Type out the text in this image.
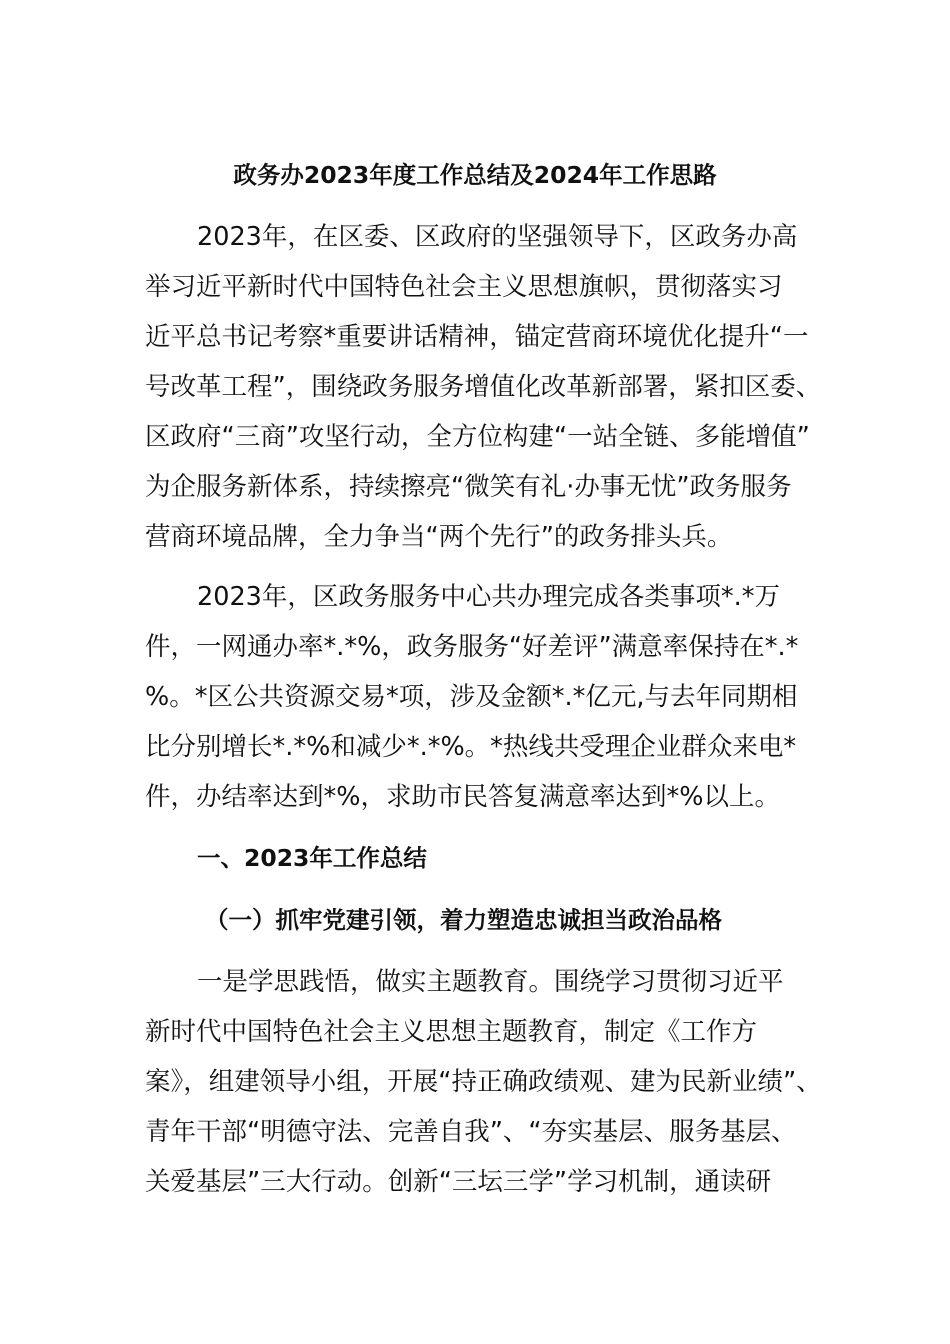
政务办2023年度工作总结及2024年工作思路
2023年，在区委、区政府的坚强领导下，区政务办高
举习近平新时代中国特色社会主义思想旗帜，贯彻落实习
近平总书记考察*重要讲话精神，锚定营商环境优化提升“一
号改革工程”，围绕政务服务增值化改革新部署，紧扣区委、
区政府“三商”攻坚行动，全方位构建“一站全链、多能增值”
为企服务新体系，持续擦亮“微笑有礼·办事无忧”政务服务
营商环境品牌，全力争当“两个先行”的政务排头兵。
2023年，区政务服务中心共办理完成各类事项*.*万
件，一网通办率*.*%，政务服务“好差评”满意率保持在*.*
%。*区公共资源交易*项，涉及金额*.*亿元,与去年同期相
比分别增长*.*%和减少*.*%。*热线共受理企业群众来电*
件，办结率达到*%，求助市民答复满意率达到*%以上。
一、2023年工作总结
（一）抓牢党建引领，着力塑造忠诚担当政治品格
一是学思践悟，做实主题教育。围绕学习贯彻习近平
新时代中国特色社会主义思想主题教育，制定《工作方
案》，组建领导小组，开展“持正确政绩观、建为民新业绩”、
青年干部“明德守法、完善自我”、“夯实基层、服务基层、
关爱基层”三大行动。创新“三坛三学”学习机制，通读研
